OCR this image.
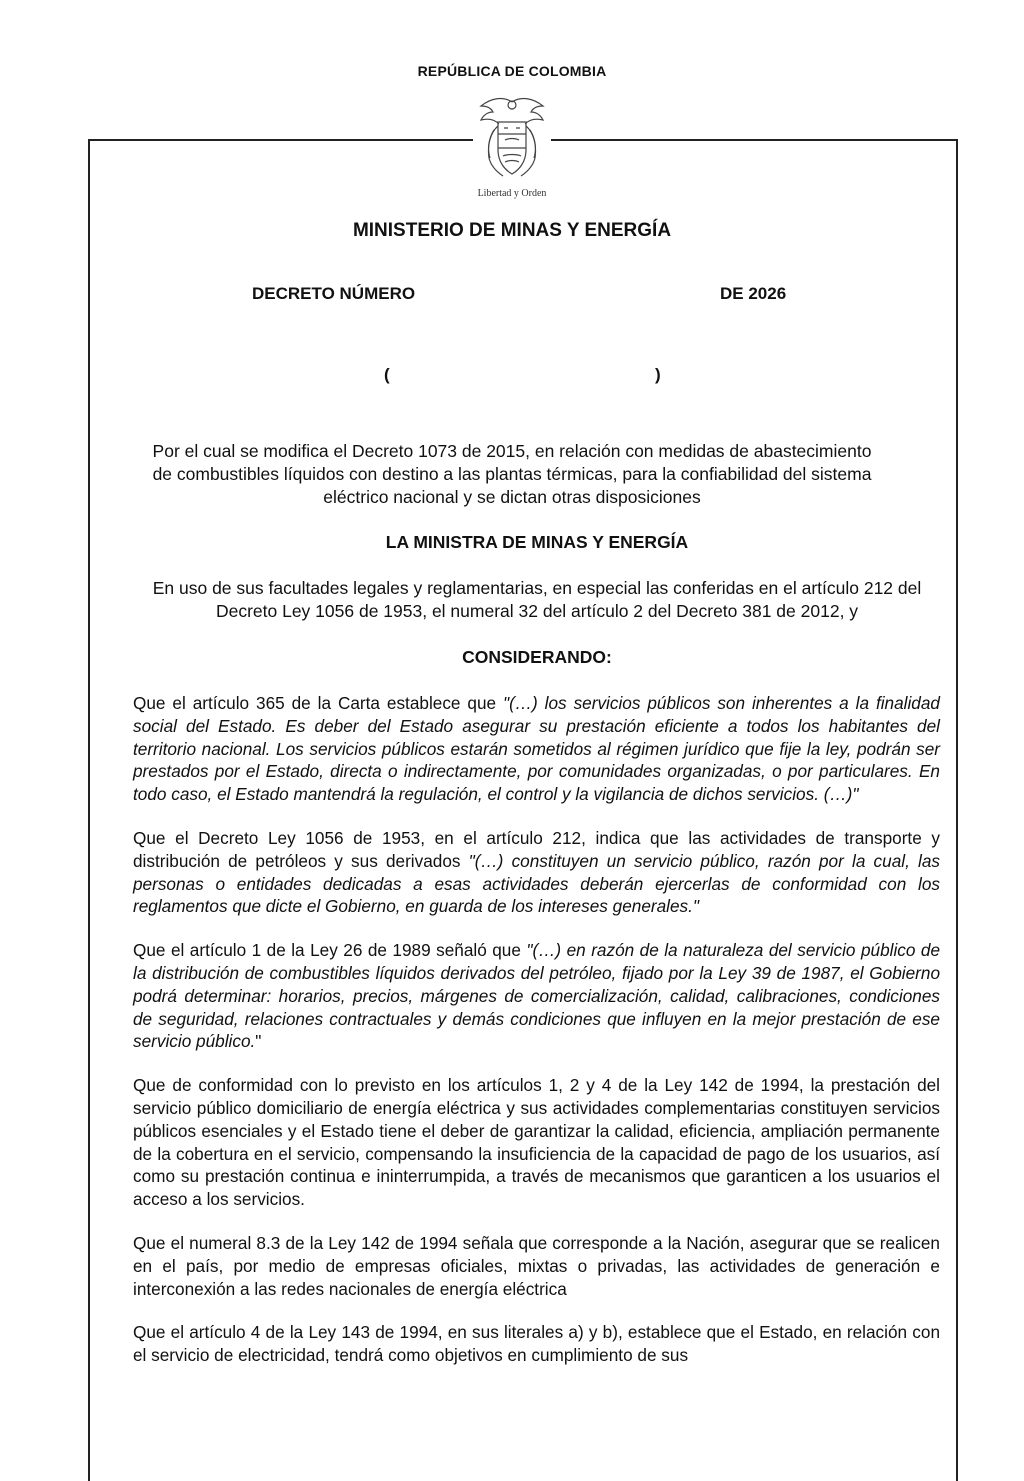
REPÚBLICA DE COLOMBIA
Libertad y Orden
MINISTERIO DE MINAS Y ENERGÍA
DECRETO NÚMERO	DE 2026
(	)
Por el cual se modifica el Decreto 1073 de 2015, en relación con medidas de abastecimiento de combustibles líquidos con destino a las plantas térmicas, para la confiabilidad del sistema eléctrico nacional y se dictan otras disposiciones
LA MINISTRA DE MINAS Y ENERGÍA
En uso de sus facultades legales y reglamentarias, en especial las conferidas en el artículo 212 del Decreto Ley 1056 de 1953, el numeral 32 del artículo 2 del Decreto 381 de 2012, y
CONSIDERANDO:

Que el artículo 365 de la Carta establece que "(…) los servicios públicos son inherentes a la finalidad social del Estado. Es deber del Estado asegurar su prestación eficiente a todos los habitantes del territorio nacional. Los servicios públicos estarán sometidos al régimen jurídico que fije la ley, podrán ser prestados por el Estado, directa o indirectamente, por comunidades organizadas, o por particulares. En todo caso, el Estado mantendrá la regulación, el control y la vigilancia de dichos servicios. (…)"

Que el Decreto Ley 1056 de 1953, en el artículo 212, indica que las actividades de transporte y distribución de petróleos y sus derivados "(…) constituyen un servicio público, razón por la cual, las personas o entidades dedicadas a esas actividades deberán ejercerlas de conformidad con los reglamentos que dicte el Gobierno, en guarda de los intereses generales."

Que el artículo 1 de la Ley 26 de 1989 señaló que "(…) en razón de la naturaleza del servicio público de la distribución de combustibles líquidos derivados del petróleo, fijado por la Ley 39 de 1987, el Gobierno podrá determinar: horarios, precios, márgenes de comercialización, calidad, calibraciones, condiciones de seguridad, relaciones contractuales y demás condiciones que influyen en la mejor prestación de ese servicio público."

Que de conformidad con lo previsto en los artículos 1, 2 y 4 de la Ley 142 de 1994, la prestación del servicio público domiciliario de energía eléctrica y sus actividades complementarias constituyen servicios públicos esenciales y el Estado tiene el deber de garantizar la calidad, eficiencia, ampliación permanente de la cobertura en el servicio, compensando la insuficiencia de la capacidad de pago de los usuarios, así como su prestación continua e ininterrumpida, a través de mecanismos que garanticen a los usuarios el acceso a los servicios.

Que el numeral 8.3 de la Ley 142 de 1994 señala que corresponde a la Nación, asegurar que se realicen en el país, por medio de empresas oficiales, mixtas o privadas, las actividades de generación e interconexión a las redes nacionales de energía eléctrica

Que el artículo 4 de la Ley 143 de 1994, en sus literales a) y b), establece que el Estado, en relación con el servicio de electricidad, tendrá como objetivos en cumplimiento de sus
